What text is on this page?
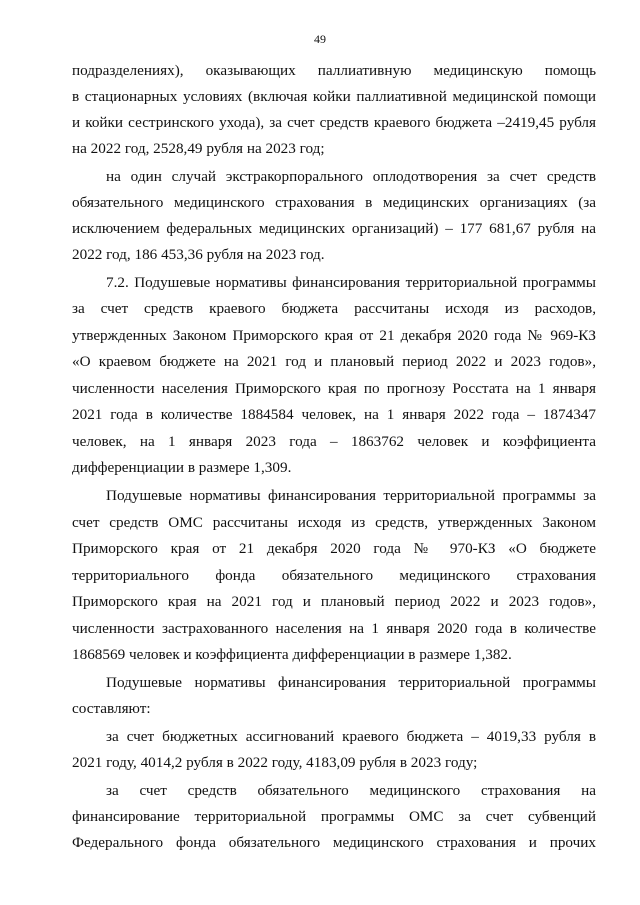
49
подразделениях), оказывающих паллиативную медицинскую помощь
в стационарных условиях (включая койки паллиативной медицинской помощи
и койки сестринского ухода), за счет средств краевого бюджета –2419,45 рубля
на 2022 год, 2528,49 рубля на 2023 год;
на один случай экстракорпорального оплодотворения за счет средств
обязательного медицинского страхования в медицинских организациях (за
исключением федеральных медицинских организаций) – 177 681,67 рубля на
2022 год, 186 453,36 рубля на 2023 год.
7.2. Подушевые нормативы финансирования территориальной программы
за счет средств краевого бюджета рассчитаны исходя из расходов,
утвержденных Законом Приморского края от 21 декабря 2020 года № 969-КЗ
«О краевом бюджете на 2021 год и плановый период 2022 и 2023 годов»,
численности населения Приморского края по прогнозу Росстата на 1 января
2021 года в количестве 1884584 человек, на 1 января 2022 года – 1874347
человек, на 1 января 2023 года – 1863762 человек и коэффициента
дифференциации в размере 1,309.
Подушевые нормативы финансирования территориальной программы за
счет средств ОМС рассчитаны исходя из средств, утвержденных Законом
Приморского края от 21 декабря 2020 года № 970-КЗ «О бюджете
территориального фонда обязательного медицинского страхования
Приморского края на 2021 год и плановый период 2022 и 2023 годов»,
численности застрахованного населения на 1 января 2020 года в количестве
1868569 человек и коэффициента дифференциации в размере 1,382.
Подушевые нормативы финансирования территориальной программы
составляют:
за счет бюджетных ассигнований краевого бюджета – 4019,33 рубля в
2021 году, 4014,2 рубля в 2022 году, 4183,09 рубля в 2023 году;
за счет средств обязательного медицинского страхования на
финансирование территориальной программы ОМС за счет субвенций
Федерального фонда обязательного медицинского страхования и прочих
